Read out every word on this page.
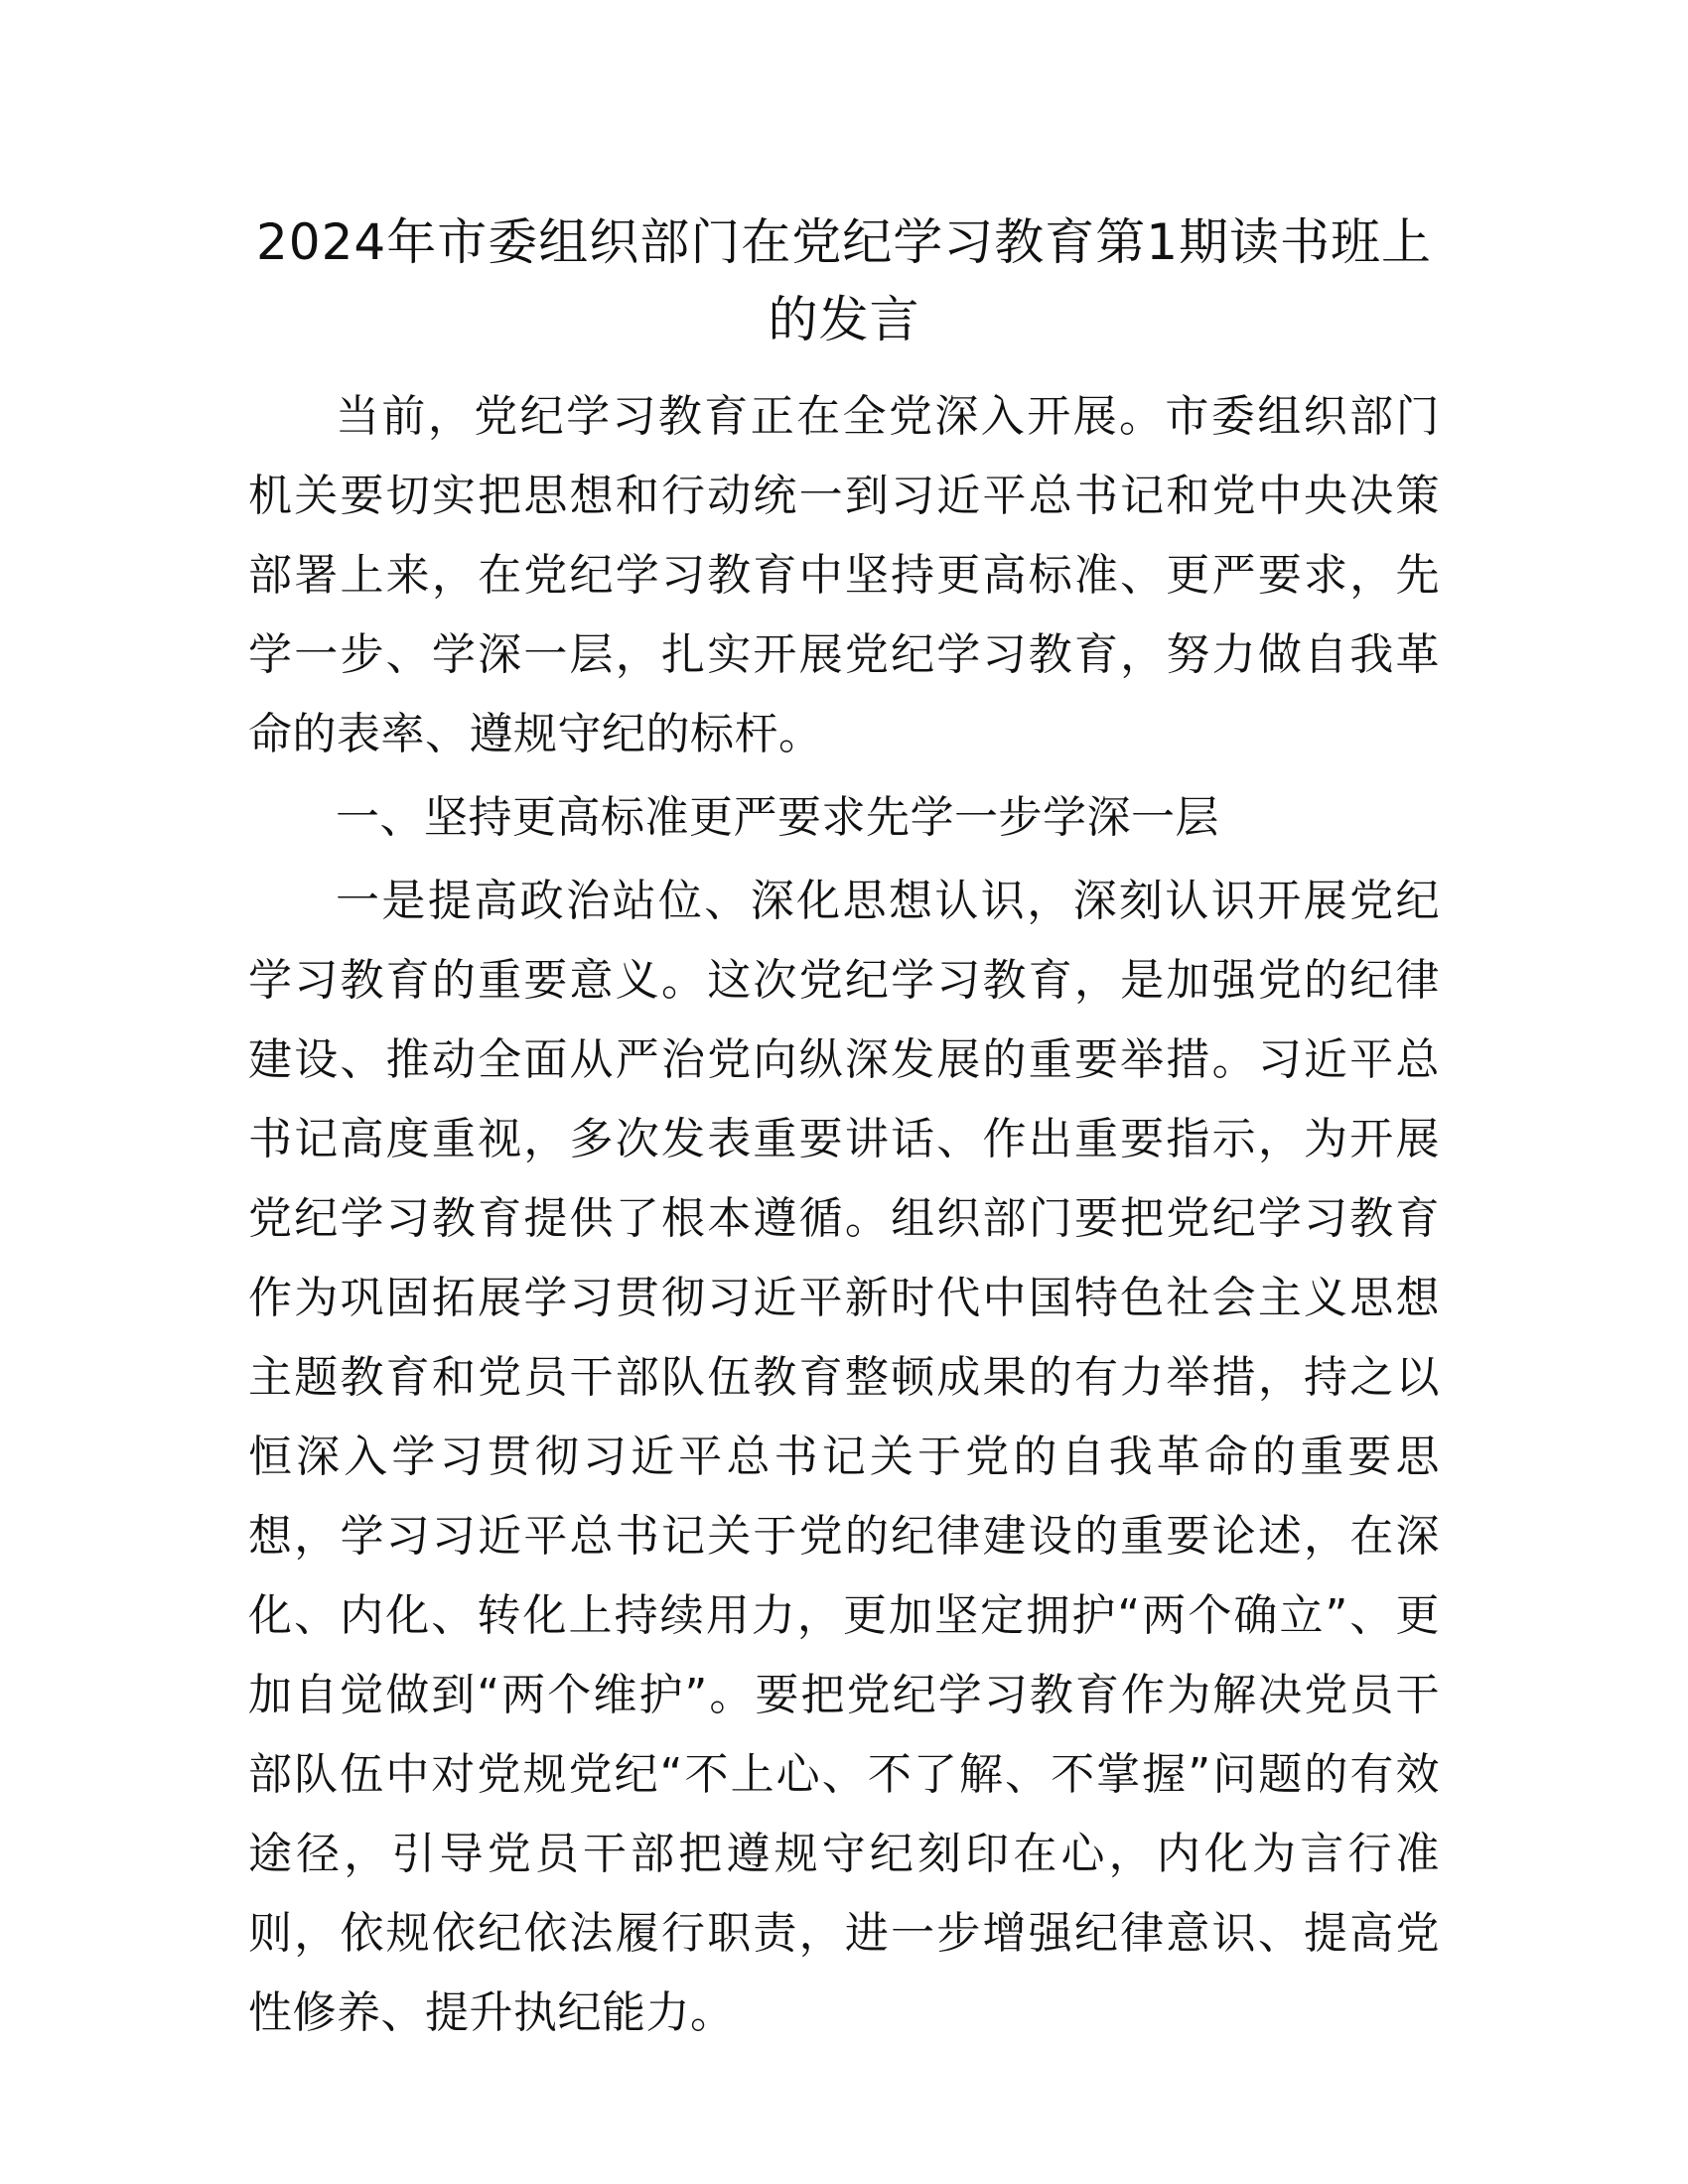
2024年市委组织部门在党纪学习教育第1期读书班上的发言

当前，党纪学习教育正在全党深入开展。市委组织部门机关要切实把思想和行动统一到习近平总书记和党中央决策部署上来，在党纪学习教育中坚持更高标准、更严要求，先学一步、学深一层，扎实开展党纪学习教育，努力做自我革命的表率、遵规守纪的标杆。

一、坚持更高标准更严要求先学一步学深一层

一是提高政治站位、深化思想认识，深刻认识开展党纪学习教育的重要意义。这次党纪学习教育，是加强党的纪律建设、推动全面从严治党向纵深发展的重要举措。习近平总书记高度重视，多次发表重要讲话、作出重要指示，为开展党纪学习教育提供了根本遵循。组织部门要把党纪学习教育作为巩固拓展学习贯彻习近平新时代中国特色社会主义思想主题教育和党员干部队伍教育整顿成果的有力举措，持之以恒深入学习贯彻习近平总书记关于党的自我革命的重要思想，学习习近平总书记关于党的纪律建设的重要论述，在深化、内化、转化上持续用力，更加坚定拥护“两个确立”、更加自觉做到“两个维护”。要把党纪学习教育作为解决党员干部队伍中对党规党纪“不上心、不了解、不掌握”问题的有效途径，引导党员干部把遵规守纪刻印在心，内化为言行准则，依规依纪依法履行职责，进一步增强纪律意识、提高党性修养、提升执纪能力。
